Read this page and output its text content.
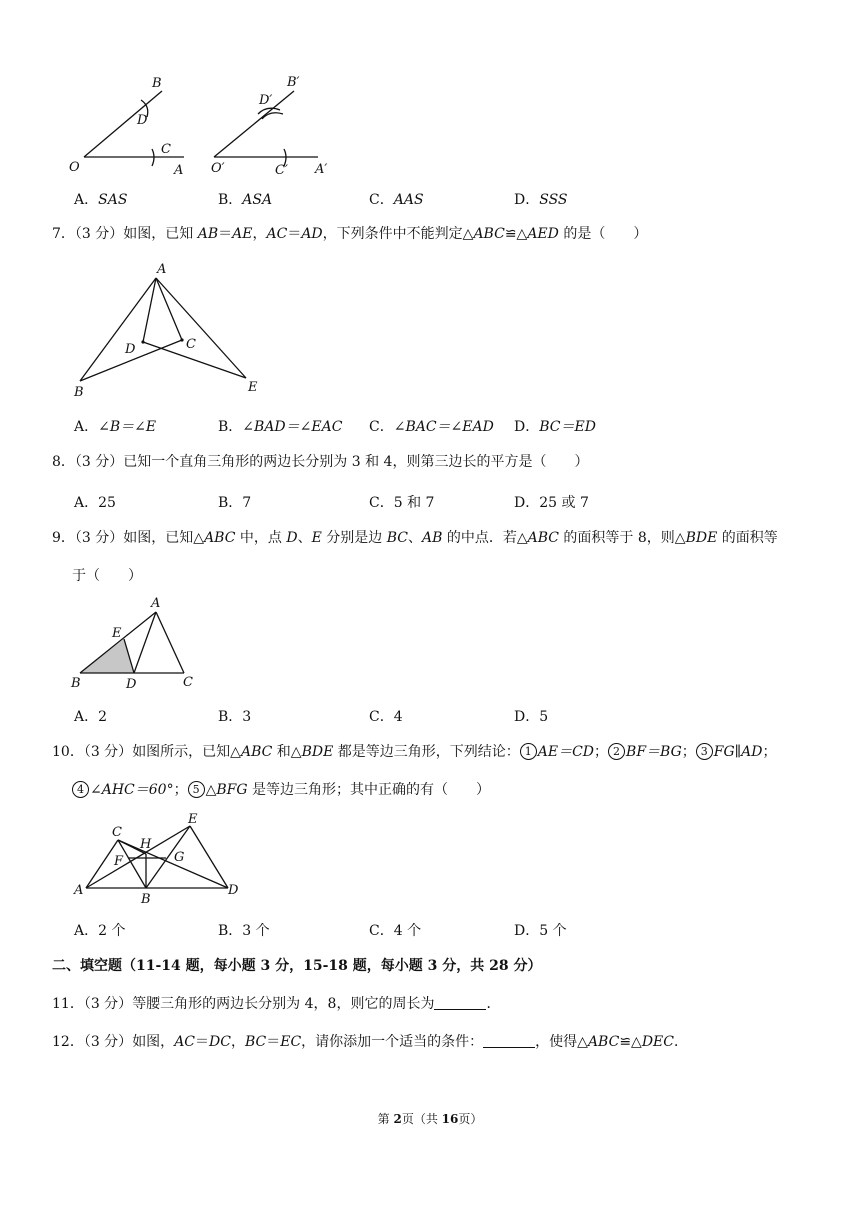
B
D
C
O	A
B′
D′
O′	C′ A′
A．SAS	B．ASA	C．AAS	D．SSS
7．（3 分）如图，已知 AB＝AE，AC＝AD，下列条件中不能判定△ABC≌△AED 的是（　　）
A
D	C
B	E
A．∠B＝∠E	B．∠BAD＝∠EAC C．∠BAC＝∠EAD D．BC＝ED
8．（3 分）已知一个直角三角形的两边长分别为 3 和 4，则第三边长的平方是（　　）
A．25	B．7	C．5 和 7	D．25 或 7
9．（3 分）如图，已知△ABC 中，点 D、E 分别是边 BC、AB 的中点．若△ABC 的面积等于 8，则△BDE 的面积等
于（　　）
A
E
B	D	C
A．2	B．3	C．4	D．5
10．（3 分）如图所示，已知△ABC 和△BDE 都是等边三角形，下列结论： 1 AE＝CD； 2 BF＝BG； 3 FG∥AD；
4 ∠AHC＝60°； 5 △BFG 是等边三角形；其中正确的有（　　）
C
H
E
F	G
A
B
D
A．2 个	B．3 个	C．4 个	D．5 个
二、填空题（11-14 题，每小题 3 分，15-18 题，每小题 3 分，共 28 分）
11．（3 分）等腰三角形的两边长分别为 4，8，则它的周长为	．
12．（3 分）如图，AC＝DC，BC＝EC，请你添加一个适当的条件：	，使得△ABC≌△DEC．
第 2页（共 16页）
